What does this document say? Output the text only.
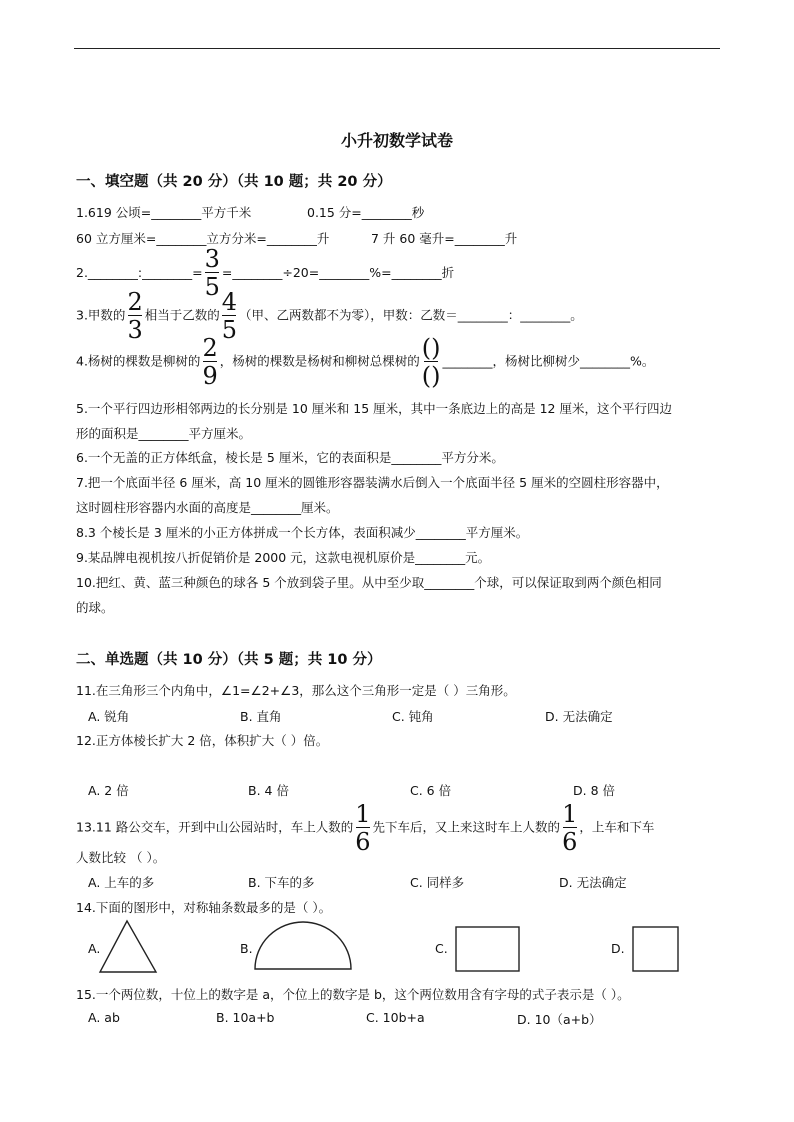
小升初数学试卷
一、填空题（共 20 分）（共 10 题；共 20 分）
1.619 公顷=________平方千米	0.15 分=________秒
60 立方厘米=________立方分米=________升	7 升 60 毫升=________升
2.________:________= $\frac{3}{5}$ =________÷20=________%=________折
3.甲数的 $\frac{2}{3}$ 相当于乙数的 $\frac{4}{5}$ （甲、乙两数都不为零），甲数：乙数＝________：________。
4.杨树的棵数是柳树的 $\frac{2}{9}$ ，杨树的棵数是杨树和柳树总棵树的 $\frac{()}{()}$ ________，杨树比柳树少________%。
5.一个平行四边形相邻两边的长分别是 10 厘米和 15 厘米，其中一条底边上的高是 12 厘米，这个平行四边
形的面积是________平方厘米。
6.一个无盖的正方体纸盒，棱长是 5 厘米，它的表面积是________平方分米。
7.把一个底面半径 6 厘米，高 10 厘米的圆锥形容器装满水后倒入一个底面半径 5 厘米的空圆柱形容器中，
这时圆柱形容器内水面的高度是________厘米。
8.3 个棱长是 3 厘米的小正方体拼成一个长方体，表面积减少________平方厘米。
9.某品牌电视机按八折促销价是 2000 元，这款电视机原价是________元。
10.把红、黄、蓝三种颜色的球各 5 个放到袋子里。从中至少取________个球，可以保证取到两个颜色相同
的球。
二、单选题（共 10 分）（共 5 题；共 10 分）
11.在三角形三个内角中，∠1=∠2+∠3，那么这个三角形一定是（ ）三角形。
A. 锐角	B. 直角	C. 钝角	D. 无法确定
12.正方体棱长扩大 2 倍，体积扩大（ ）倍。
A. 2 倍	B. 4 倍	C. 6 倍	D. 8 倍
13.11 路公交车，开到中山公园站时，车上人数的 $\frac{1}{6}$ 先下车后，又上来这时车上人数的 $\frac{1}{6}$ ，上车和下车
人数比较 （ ）。
A. 上车的多	B. 下车的多	C. 同样多	D. 无法确定
14.下面的图形中，对称轴条数最多的是（ ）。
A.	B.	C.	D.
15.一个两位数，十位上的数字是 a，个位上的数字是 b，这个两位数用含有字母的式子表示是（ ）。
A. ab	B. 10a+b	C. 10b+a	D. 10（a+b）
